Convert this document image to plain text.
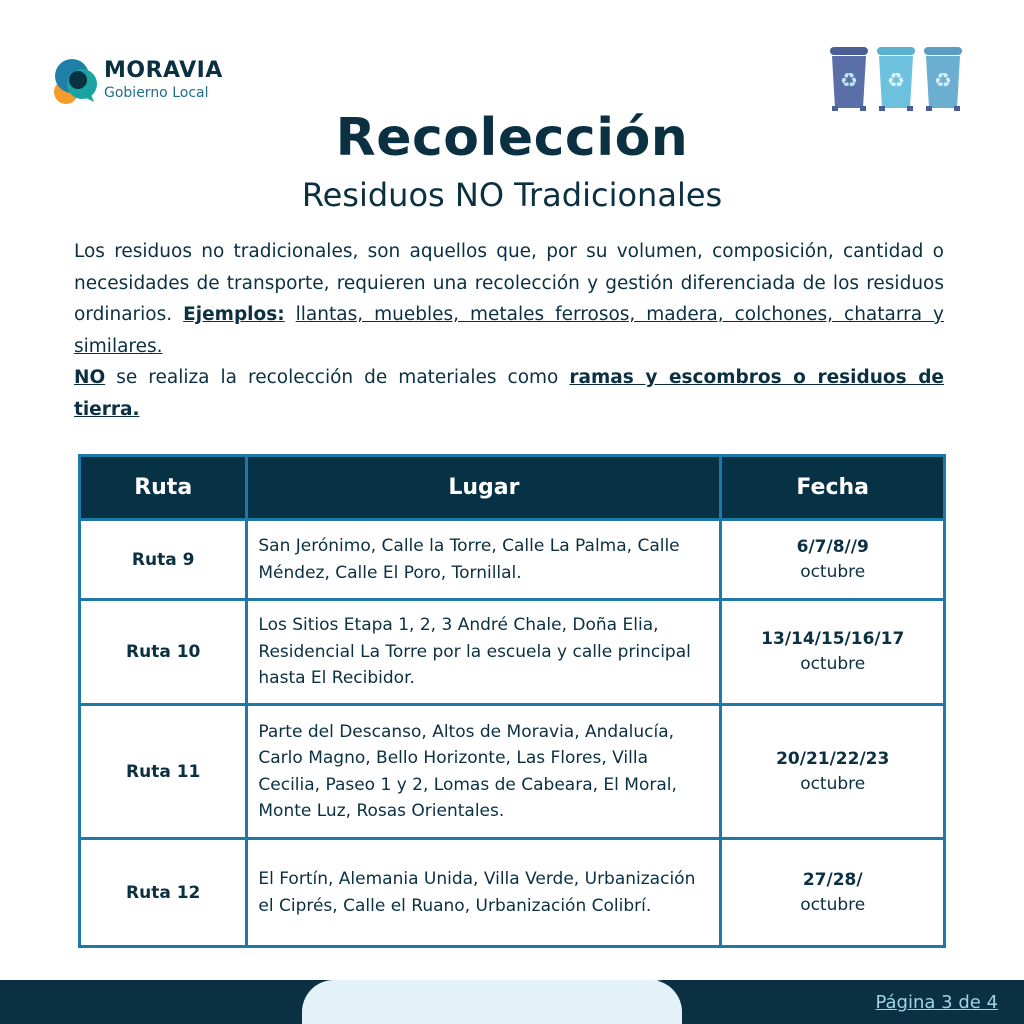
MORAVIA
Gobierno Local
♻ ♻ ♻
Recolección
Residuos NO Tradicionales
Los residuos no tradicionales, son aquellos que, por su volumen, composición, cantidad o necesidades de transporte, requieren una recolección y gestión diferenciada de los residuos ordinarios. Ejemplos: llantas, muebles, metales ferrosos, madera, colchones, chatarra y similares.
NO se realiza la recolección de materiales como ramas y escombros o residuos de tierra.
Ruta	Lugar	Fecha
Ruta 9	San Jerónimo, Calle la Torre, Calle La Palma, Calle Méndez, Calle El Poro, Tornillal.	6/7/8//9
octubre

Ruta 10	Los Sitios Etapa 1, 2, 3 André Chale, Doña Elia, Residencial La Torre por la escuela y calle principal hasta El Recibidor.	13/14/15/16/17
octubre

Ruta 11	Parte del Descanso, Altos de Moravia, Andalucía, Carlo Magno, Bello Horizonte, Las Flores, Villa Cecilia, Paseo 1 y 2, Lomas de Cabeara, El Moral, Monte Luz, Rosas Orientales.	20/21/22/23
octubre

Ruta 12	El Fortín, Alemania Unida, Villa Verde, Urbanización el Ciprés, Calle el Ruano, Urbanización Colibrí.	27/28/
octubre
Página 3 de 4
